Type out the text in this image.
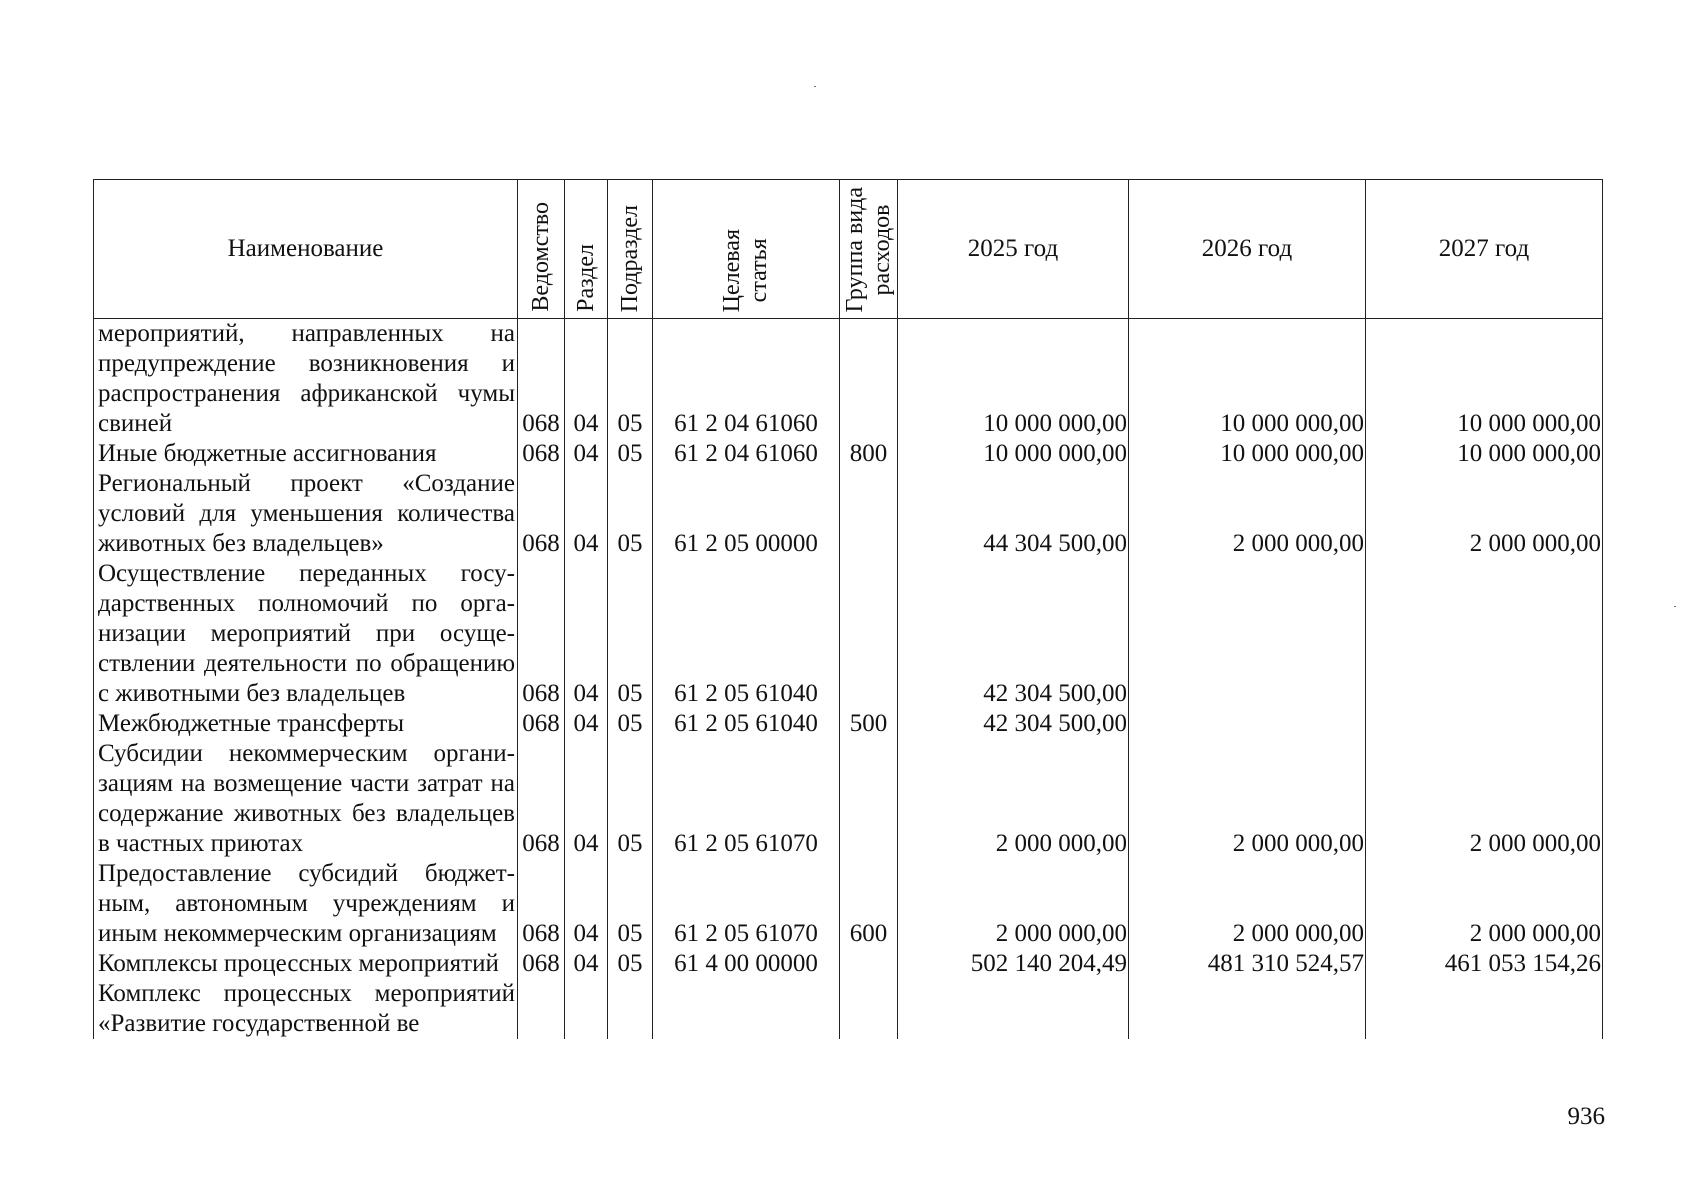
Наименование	Ведомство	Раздел	Подраздел	Целевая статья	Группа вида расходов	2025 год	2026 год	2027 год
мероприятий, направленных на предупреждение возникновения и распространения африканской чумы свиней	068	04	05	61 2 04 61060		10 000 000,00	10 000 000,00	10 000 000,00
Иные бюджетные ассигнования	068	04	05	61 2 04 61060	800	10 000 000,00	10 000 000,00	10 000 000,00
Региональный проект «Создание условий для уменьшения количества животных без владельцев»	068	04	05	61 2 05 00000		44 304 500,00	2 000 000,00	2 000 000,00
Осуществление переданных государственных полномочий по организации мероприятий при осуществлении деятельности по обращению с животными без владельцев	068	04	05	61 2 05 61040		42 304 500,00		
Межбюджетные трансферты	068	04	05	61 2 05 61040	500	42 304 500,00		
Субсидии некоммерческим организациям на возмещение части затрат на содержание животных без владельцев в частных приютах	068	04	05	61 2 05 61070		2 000 000,00	2 000 000,00	2 000 000,00
Предоставление субсидий бюджетным, автономным учреждениям и иным некоммерческим организациям	068	04	05	61 2 05 61070	600	2 000 000,00	2 000 000,00	2 000 000,00
Комплексы процессных мероприятий	068	04	05	61 4 00 00000		502 140 204,49	481 310 524,57	461 053 154,26
Комплекс процессных мероприятий «Развитие государственной ве								
936
